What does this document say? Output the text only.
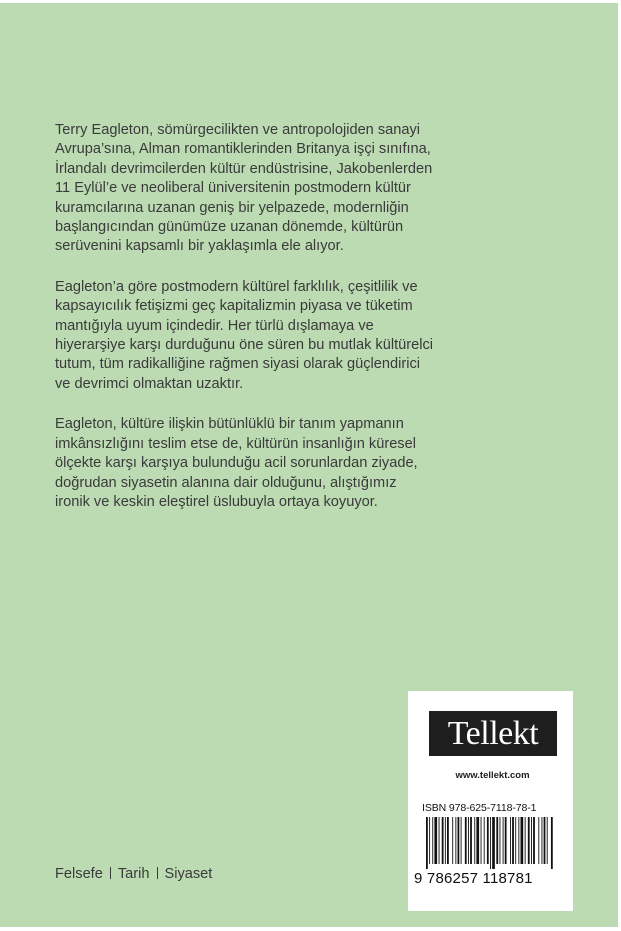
Terry Eagleton, sömürgecilikten ve antropolojiden sanayi Avrupa’sına, Alman romantiklerinden Britanya işçi sınıfına, İrlandalı devrimcilerden kültür endüstrisine, Jakobenlerden 11 Eylül’e ve neoliberal üniversitenin postmodern kültür kuramcılarına uzanan geniş bir yelpazede, modernliğin başlangıcından günümüze uzanan dönemde, kültürün serüvenini kapsamlı bir yaklaşımla ele alıyor.

Eagleton’a göre postmodern kültürel farklılık, çeşitlilik ve kapsayıcılık fetişizmi geç kapitalizmin piyasa ve tüketim mantığıyla uyum içindedir. Her türlü dışlamaya ve hiyerarşiye karşı durduğunu öne süren bu mutlak kültürelci tutum, tüm radikalliğine rağmen siyasi olarak güçlendirici ve devrimci olmaktan uzaktır.

Eagleton, kültüre ilişkin bütünlüklü bir tanım yapmanın imkânsızlığını teslim etse de, kültürün insanlığın küresel ölçekte karşı karşıya bulunduğu acil sorunlardan ziyade, doğrudan siyasetin alanına dair olduğunu, alıştığımız ironik ve keskin eleştirel üslubuyla ortaya koyuyor.

Felsefe Tarih Siyaset
Tellekt
www.tellekt.com
ISBN 978-625-7118-78-1
9 786257 118781
